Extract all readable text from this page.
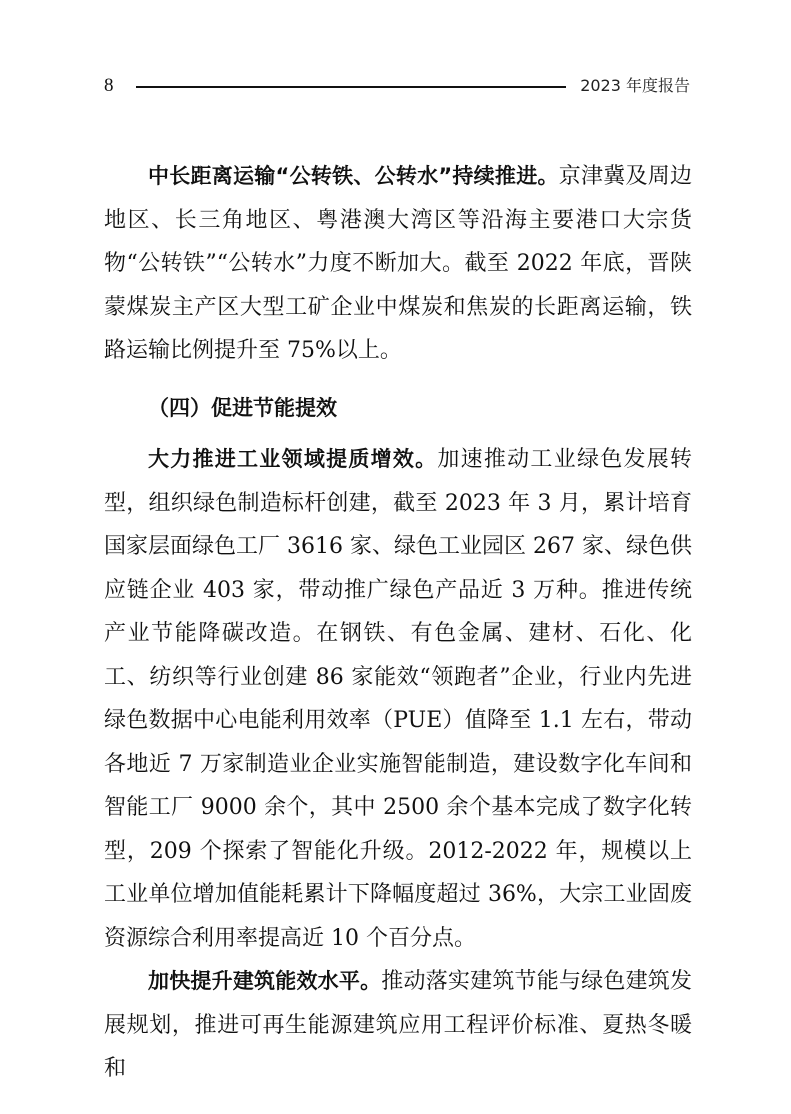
8	2023 年度报告

中长距离运输“公转铁、公转水”持续推进。京津冀及周边地区、长三角地区、粤港澳大湾区等沿海主要港口大宗货物“公转铁”“公转水”力度不断加大。截至 2022 年底，晋陕蒙煤炭主产区大型工矿企业中煤炭和焦炭的长距离运输，铁路运输比例提升至 75%以上。

（四）促进节能提效

大力推进工业领域提质增效。加速推动工业绿色发展转型，组织绿色制造标杆创建，截至 2023 年 3 月，累计培育国家层面绿色工厂 3616 家、绿色工业园区 267 家、绿色供应链企业 403 家，带动推广绿色产品近 3 万种。推进传统产业节能降碳改造。在钢铁、有色金属、建材、石化、化工、纺织等行业创建 86 家能效“领跑者”企业，行业内先进绿色数据中心电能利用效率（PUE）值降至 1.1 左右，带动各地近 7 万家制造业企业实施智能制造，建设数字化车间和智能工厂 9000 余个，其中 2500 余个基本完成了数字化转型，209 个探索了智能化升级。2012-2022 年，规模以上工业单位增加值能耗累计下降幅度超过 36%，大宗工业固废资源综合利用率提高近 10 个百分点。

加快提升建筑能效水平。推动落实建筑节能与绿色建筑发展规划，推进可再生能源建筑应用工程评价标准、夏热冬暖和
